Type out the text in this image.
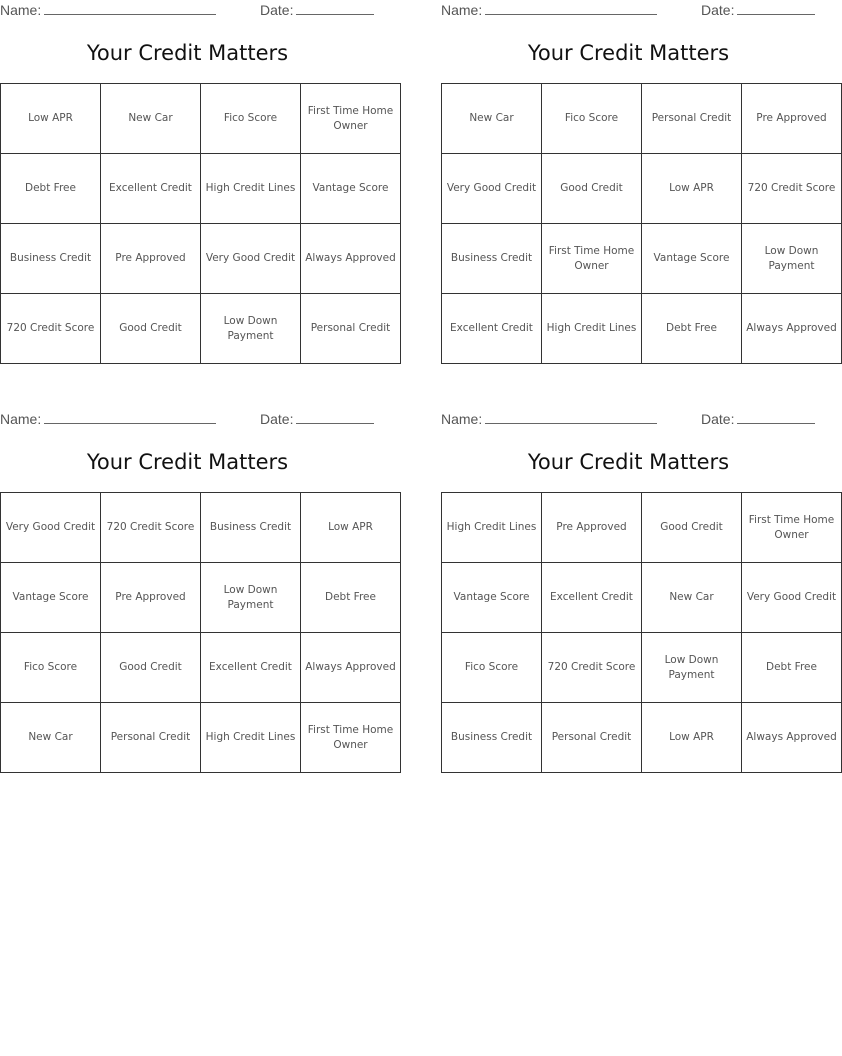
Name:	Date:
Your Credit Matters
Low APR	New Car	Fico Score	First Time Home Owner
Debt Free	Excellent Credit	High Credit Lines	Vantage Score
Business Credit	Pre Approved	Very Good Credit	Always Approved
720 Credit Score	Good Credit	Low Down Payment	Personal Credit
Name:	Date:
Your Credit Matters
New Car	Fico Score	Personal Credit	Pre Approved
Very Good Credit	Good Credit	Low APR	720 Credit Score
Business Credit	First Time Home Owner	Vantage Score	Low Down Payment
Excellent Credit	High Credit Lines	Debt Free	Always Approved
Name:	Date:
Your Credit Matters
Very Good Credit	720 Credit Score	Business Credit	Low APR
Vantage Score	Pre Approved	Low Down Payment	Debt Free
Fico Score	Good Credit	Excellent Credit	Always Approved
New Car	Personal Credit	High Credit Lines	First Time Home Owner
Name:	Date:
Your Credit Matters
High Credit Lines	Pre Approved	Good Credit	First Time Home Owner
Vantage Score	Excellent Credit	New Car	Very Good Credit
Fico Score	720 Credit Score	Low Down Payment	Debt Free
Business Credit	Personal Credit	Low APR	Always Approved
